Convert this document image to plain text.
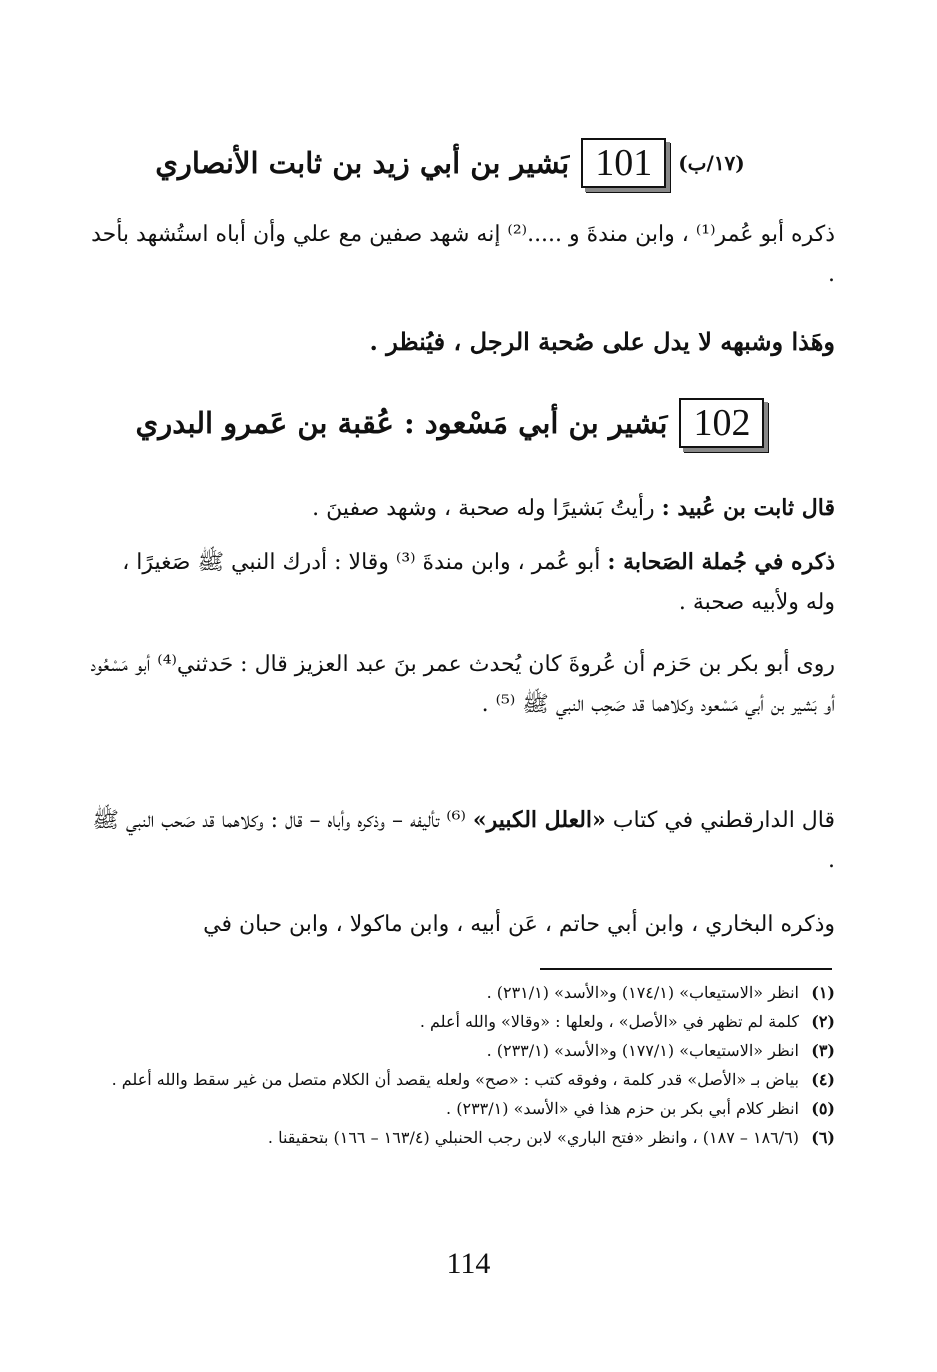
(١٧/ب)
101
بَشير بن أبي زيد بن ثابت الأنصاري
ذكره أبو عُمر⁽¹⁾ ، وابن مندةَ و .....⁽²⁾ إنه شهد صفين مع علي وأن أباه استُشهد بأحد .
وهَذا وشبهه لا يدل على صُحبة الرجل ، فيُنظر .
102
بَشير بن أبي مَسْعود : عُقبة بن عَمرو البدري
قال ثابت بن عُبيد : رأيتُ بَشيرًا وله صحبة ، وشهد صفينَ .
ذكره في جُملة الصَحابة : أبو عُمر ، وابن مندةَ ⁽³⁾ وقالا : أدرك النبي ﷺ صَغيرًا ، وله ولأبيه صحبة .
روى أبو بكر بن حَزم أن عُروةَ كان يُحدث عمر بنَ عبد العزيز قال : حَدثني⁽⁴⁾ أبو مَسْعُود أو بَشير بن أبي مَسْعود وكلاهما قد صَحِب النبي ﷺ ⁽⁵⁾ .
قال الدارقطني في كتاب «العلل الكبير» ⁽⁶⁾ تأليفه – وذكره وأباه – قال : وكلاهما قد صَحب النبي ﷺ .
وذكره البخاري ، وابن أبي حاتم ، عَن أبيه ، وابن ماكولا ، وابن حبان في
(١)
انظر «الاستيعاب» (١٧٤/١) و«الأسد» (٢٣١/١) .
(٢)
كلمة لم تظهر في «الأصل» ، ولعلها : «وقالا» والله أعلم .
(٣)
انظر «الاستيعاب» (١٧٧/١) و«الأسد» (٢٣٣/١) .
(٤)
بياض بـ «الأصل» قدر كلمة ، وفوقه كتب : «صح» ولعله يقصد أن الكلام متصل من غير سقط والله أعلم .
(٥)
انظر كلام أبي بكر بن حزم هذا في «الأسد» (٢٣٣/١) .
(٦)
(١٨٦/٦ – ١٨٧) ، وانظر «فتح الباري» لابن رجب الحنبلي (١٦٣/٤ – ١٦٦) بتحقيقنا .
114
